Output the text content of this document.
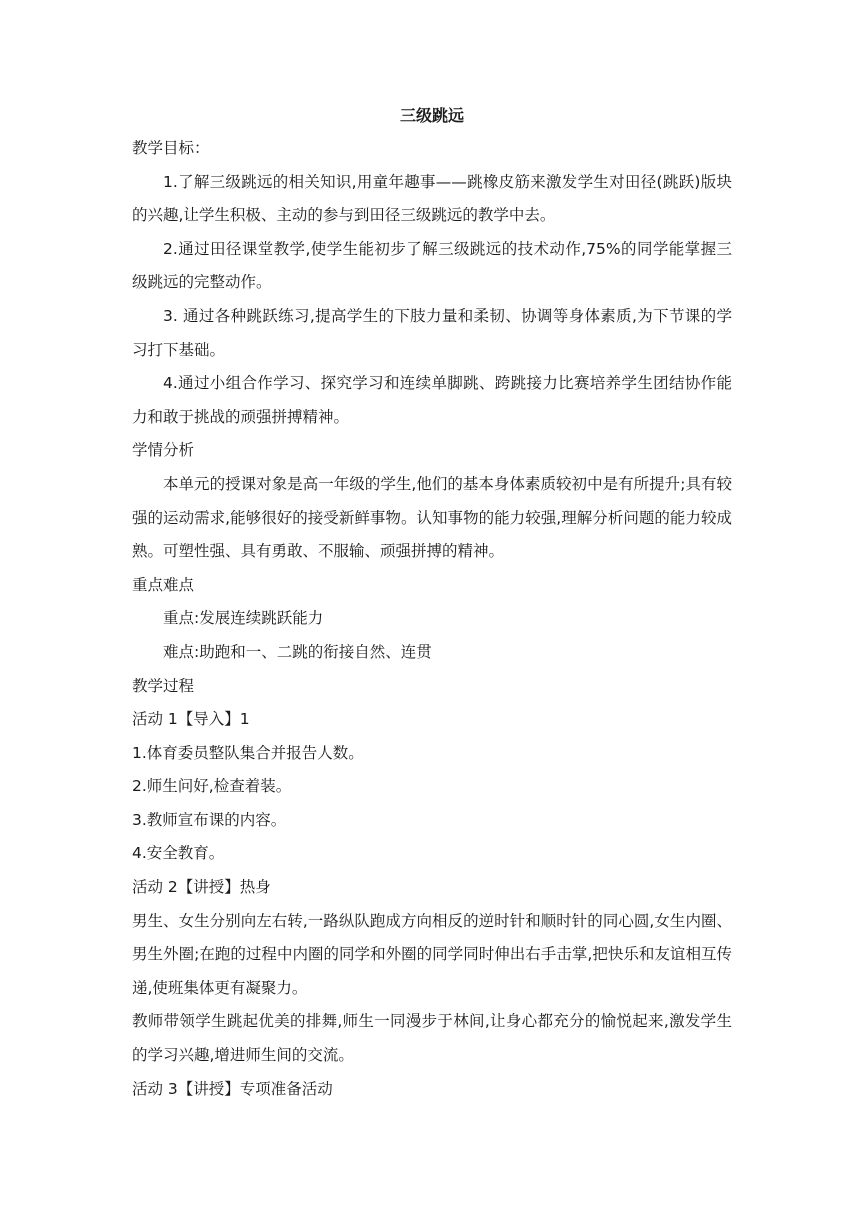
三级跳远

教学目标：

1.了解三级跳远的相关知识,用童年趣事——跳橡皮筋来激发学生对田径(跳跃)版块的兴趣,让学生积极、主动的参与到田径三级跳远的教学中去。

2.通过田径课堂教学,使学生能初步了解三级跳远的技术动作,75%的同学能掌握三级跳远的完整动作。

3. 通过各种跳跃练习,提高学生的下肢力量和柔韧、协调等身体素质,为下节课的学习打下基础。

4.通过小组合作学习、探究学习和连续单脚跳、跨跳接力比赛培养学生团结协作能力和敢于挑战的顽强拼搏精神。

学情分析

本单元的授课对象是高一年级的学生,他们的基本身体素质较初中是有所提升;具有较强的运动需求,能够很好的接受新鲜事物。认知事物的能力较强,理解分析问题的能力较成熟。可塑性强、具有勇敢、不服输、顽强拼搏的精神。

重点难点

重点:发展连续跳跃能力

难点:助跑和一、二跳的衔接自然、连贯

教学过程

活动 1【导入】1

1.体育委员整队集合并报告人数。

2.师生问好,检查着装。

3.教师宣布课的内容。

4.安全教育。

活动 2【讲授】热身

男生、女生分别向左右转,一路纵队跑成方向相反的逆时针和顺时针的同心圆,女生内圈、男生外圈;在跑的过程中内圈的同学和外圈的同学同时伸出右手击掌,把快乐和友谊相互传递,使班集体更有凝聚力。

教师带领学生跳起优美的排舞,师生一同漫步于林间,让身心都充分的愉悦起来,激发学生的学习兴趣,增进师生间的交流。

活动 3【讲授】专项准备活动
